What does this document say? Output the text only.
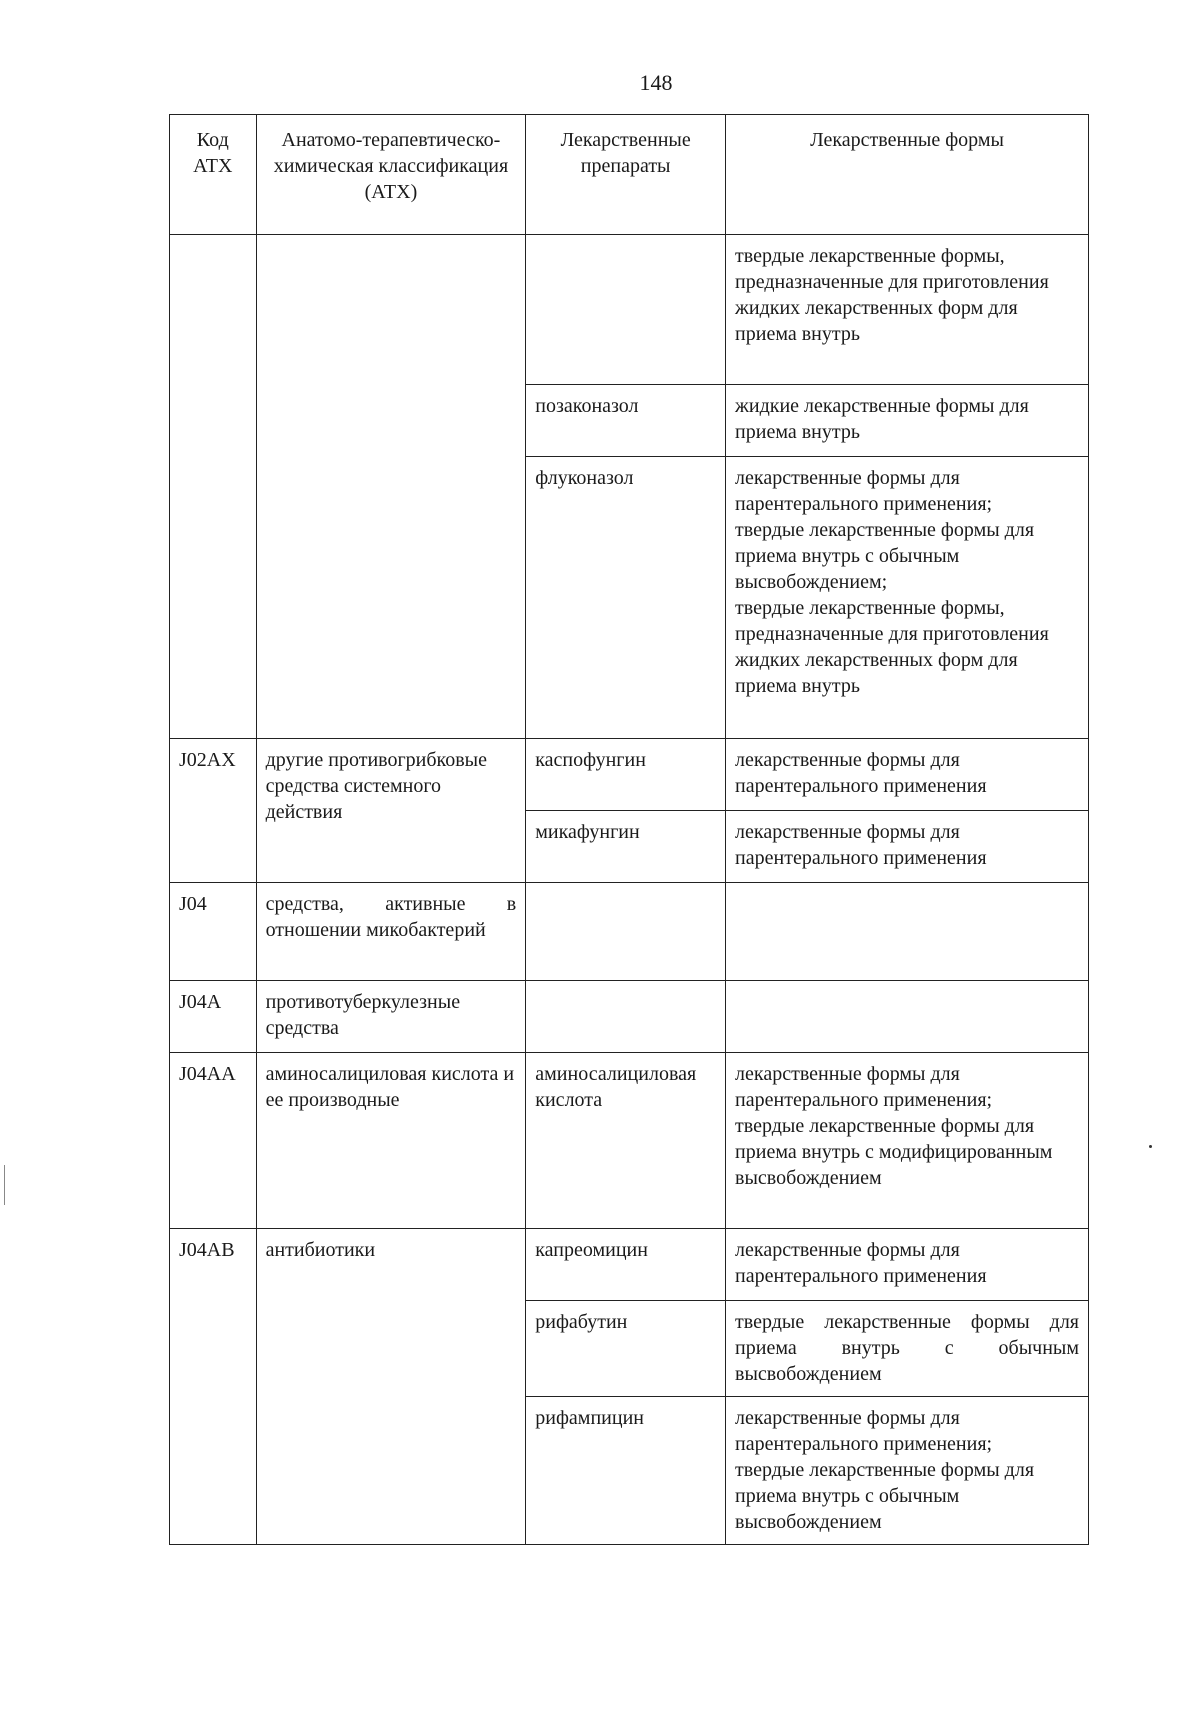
148
Код АТХ	Анатомо-терапевтическо-химическая классификация (АТХ)	Лекарственные препараты	Лекарственные формы
			твердые лекарственные формы, предназначенные для приготовления жидких лекарственных форм для приема внутрь
		позаконазол	жидкие лекарственные формы для приема внутрь
		флуконазол	лекарственные формы для парентерального применения;
твердые лекарственные формы для приема внутрь с обычным высвобождением;
твердые лекарственные формы, предназначенные для приготовления жидких лекарственных форм для приема внутрь
J02AX	другие противогрибковые средства системного действия	каспофунгин	лекарственные формы для парентерального применения
		микафунгин	лекарственные формы для парентерального применения
J04	средства, активные в отношении микобактерий		
J04A	противотуберкулезные средства		
J04AA	аминосалициловая кислота и ее производные	аминосалициловая кислота	лекарственные формы для парентерального применения;
твердые лекарственные формы для приема внутрь с модифицированным высвобождением
J04AB	антибиотики	капреомицин	лекарственные формы для парентерального применения
		рифабутин	твердые лекарственные формы для приема внутрь с обычным высвобождением
		рифампицин	лекарственные формы для парентерального применения;
твердые лекарственные формы для приема внутрь с обычным высвобождением
